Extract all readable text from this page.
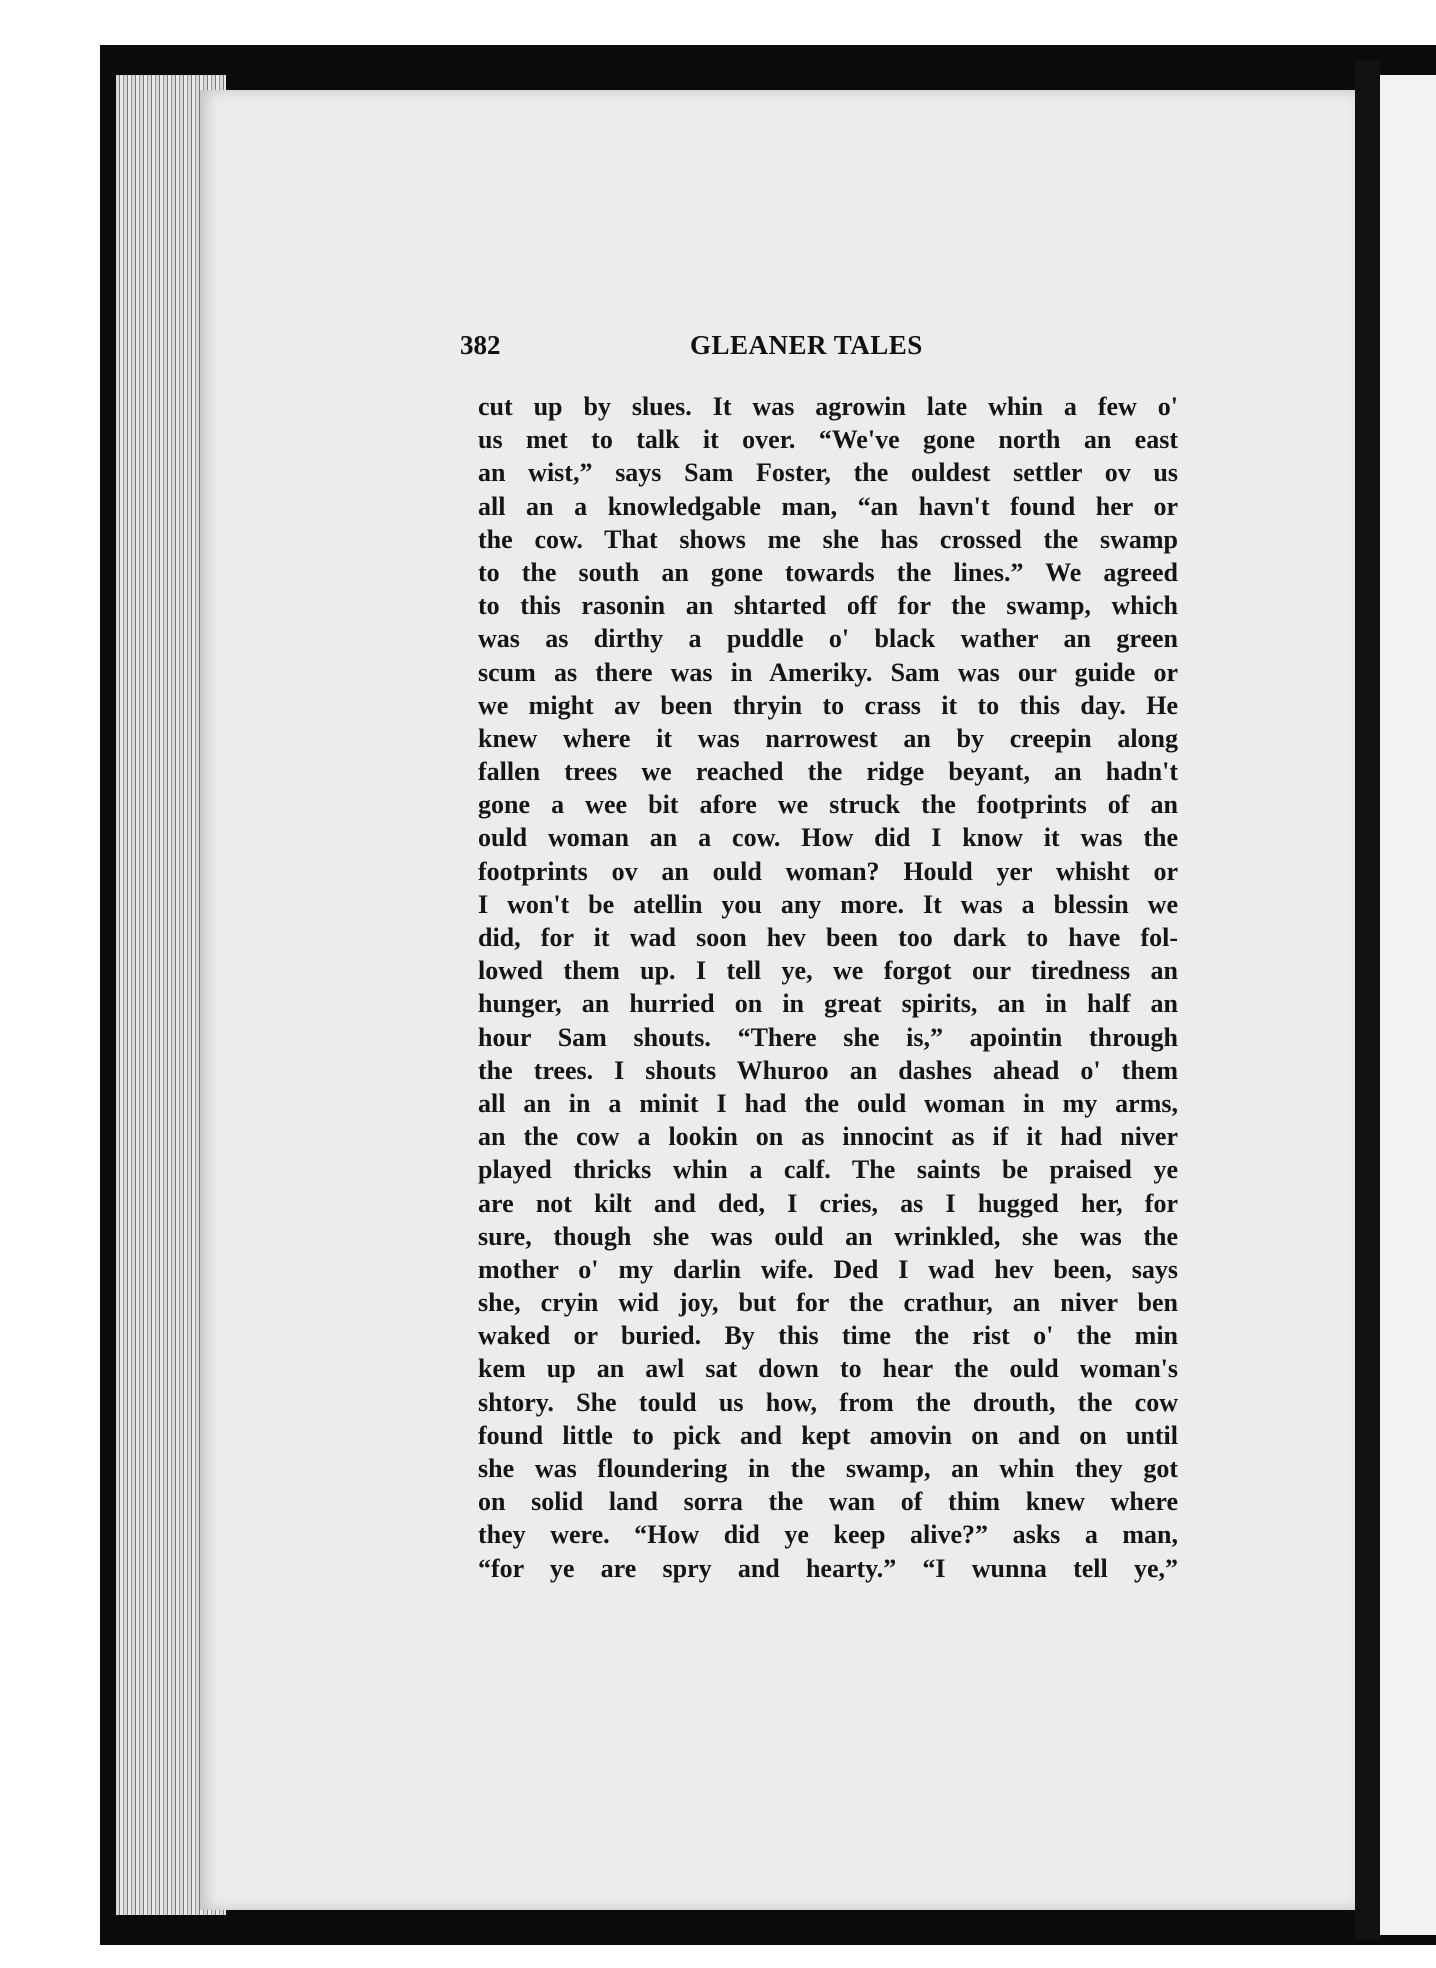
382	GLEANER TALES
cut up by slues. It was agrowin late whin a few o'
us met to talk it over. “We've gone north an east
an wist,” says Sam Foster, the ouldest settler ov us
all an a knowledgable man, “an havn't found her or
the cow. That shows me she has crossed the swamp
to the south an gone towards the lines.” We agreed
to this rasonin an shtarted off for the swamp, which
was as dirthy a puddle o' black wather an green
scum as there was in Ameriky. Sam was our guide or
we might av been thryin to crass it to this day. He
knew where it was narrowest an by creepin along
fallen trees we reached the ridge beyant, an hadn't
gone a wee bit afore we struck the footprints of an
ould woman an a cow. How did I know it was the
footprints ov an ould woman? Hould yer whisht or
I won't be atellin you any more. It was a blessin we
did, for it wad soon hev been too dark to have fol-
lowed them up. I tell ye, we forgot our tiredness an
hunger, an hurried on in great spirits, an in half an
hour Sam shouts. “There she is,” apointin through
the trees. I shouts Whuroo an dashes ahead o' them
all an in a minit I had the ould woman in my arms,
an the cow a lookin on as innocint as if it had niver
played thricks whin a calf. The saints be praised ye
are not kilt and ded, I cries, as I hugged her, for
sure, though she was ould an wrinkled, she was the
mother o' my darlin wife. Ded I wad hev been, says
she, cryin wid joy, but for the crathur, an niver ben
waked or buried. By this time the rist o' the min
kem up an awl sat down to hear the ould woman's
shtory. She tould us how, from the drouth, the cow
found little to pick and kept amovin on and on until
she was floundering in the swamp, an whin they got
on solid land sorra the wan of thim knew where
they were. “How did ye keep alive?” asks a man,
“for ye are spry and hearty.” “I wunna tell ye,”
